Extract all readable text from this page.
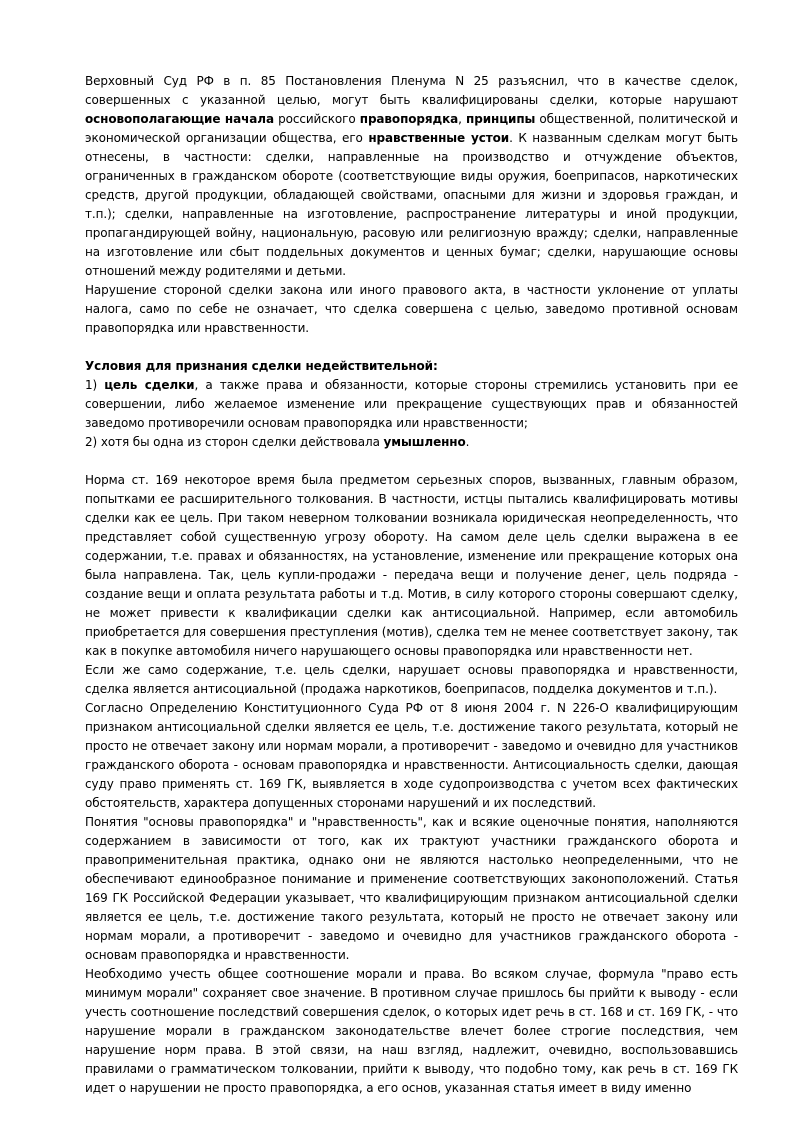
Верховный Суд РФ в п. 85 Постановления Пленума N 25 разъяснил, что в качестве сделок, совершенных с указанной целью, могут быть квалифицированы сделки, которые нарушают основополагающие начала российского правопорядка, принципы общественной, политической и экономической организации общества, его нравственные устои. К названным сделкам могут быть отнесены, в частности: сделки, направленные на производство и отчуждение объектов, ограниченных в гражданском обороте (соответствующие виды оружия, боеприпасов, наркотических средств, другой продукции, обладающей свойствами, опасными для жизни и здоровья граждан, и т.п.); сделки, направленные на изготовление, распространение литературы и иной продукции, пропагандирующей войну, национальную, расовую или религиозную вражду; сделки, направленные на изготовление или сбыт поддельных документов и ценных бумаг; сделки, нарушающие основы отношений между родителями и детьми.

Нарушение стороной сделки закона или иного правового акта, в частности уклонение от уплаты налога, само по себе не означает, что сделка совершена с целью, заведомо противной основам правопорядка или нравственности.

Условия для признания сделки недействительной:

1) цель сделки, а также права и обязанности, которые стороны стремились установить при ее совершении, либо желаемое изменение или прекращение существующих прав и обязанностей заведомо противоречили основам правопорядка или нравственности;

2) хотя бы одна из сторон сделки действовала умышленно.

Норма ст. 169 некоторое время была предметом серьезных споров, вызванных, главным образом, попытками ее расширительного толкования. В частности, истцы пытались квалифицировать мотивы сделки как ее цель. При таком неверном толковании возникала юридическая неопределенность, что представляет собой существенную угрозу обороту. На самом деле цель сделки выражена в ее содержании, т.е. правах и обязанностях, на установление, изменение или прекращение которых она была направлена. Так, цель купли-продажи - передача вещи и получение денег, цель подряда - создание вещи и оплата результата работы и т.д. Мотив, в силу которого стороны совершают сделку, не может привести к квалификации сделки как антисоциальной. Например, если автомобиль приобретается для совершения преступления (мотив), сделка тем не менее соответствует закону, так как в покупке автомобиля ничего нарушающего основы правопорядка или нравственности нет.

Если же само содержание, т.е. цель сделки, нарушает основы правопорядка и нравственности, сделка является антисоциальной (продажа наркотиков, боеприпасов, подделка документов и т.п.).

Согласно Определению Конституционного Суда РФ от 8 июня 2004 г. N 226-О квалифицирующим признаком антисоциальной сделки является ее цель, т.е. достижение такого результата, который не просто не отвечает закону или нормам морали, а противоречит - заведомо и очевидно для участников гражданского оборота - основам правопорядка и нравственности. Антисоциальность сделки, дающая суду право применять ст. 169 ГК, выявляется в ходе судопроизводства с учетом всех фактических обстоятельств, характера допущенных сторонами нарушений и их последствий.

Понятия "основы правопорядка" и "нравственность", как и всякие оценочные понятия, наполняются содержанием в зависимости от того, как их трактуют участники гражданского оборота и правоприменительная практика, однако они не являются настолько неопределенными, что не обеспечивают единообразное понимание и применение соответствующих законоположений. Статья 169 ГК Российской Федерации указывает, что квалифицирующим признаком антисоциальной сделки является ее цель, т.е. достижение такого результата, который не просто не отвечает закону или нормам морали, а противоречит - заведомо и очевидно для участников гражданского оборота - основам правопорядка и нравственности.

Необходимо учесть общее соотношение морали и права. Во всяком случае, формула "право есть минимум морали" сохраняет свое значение. В противном случае пришлось бы прийти к выводу - если учесть соотношение последствий совершения сделок, о которых идет речь в ст. 168 и ст. 169 ГК, - что нарушение морали в гражданском законодательстве влечет более строгие последствия, чем нарушение норм права. В этой связи, на наш взгляд, надлежит, очевидно, воспользовавшись правилами о грамматическом толковании, прийти к выводу, что подобно тому, как речь в ст. 169 ГК идет о нарушении не просто правопорядка, а его основ, указанная статья имеет в виду именно
